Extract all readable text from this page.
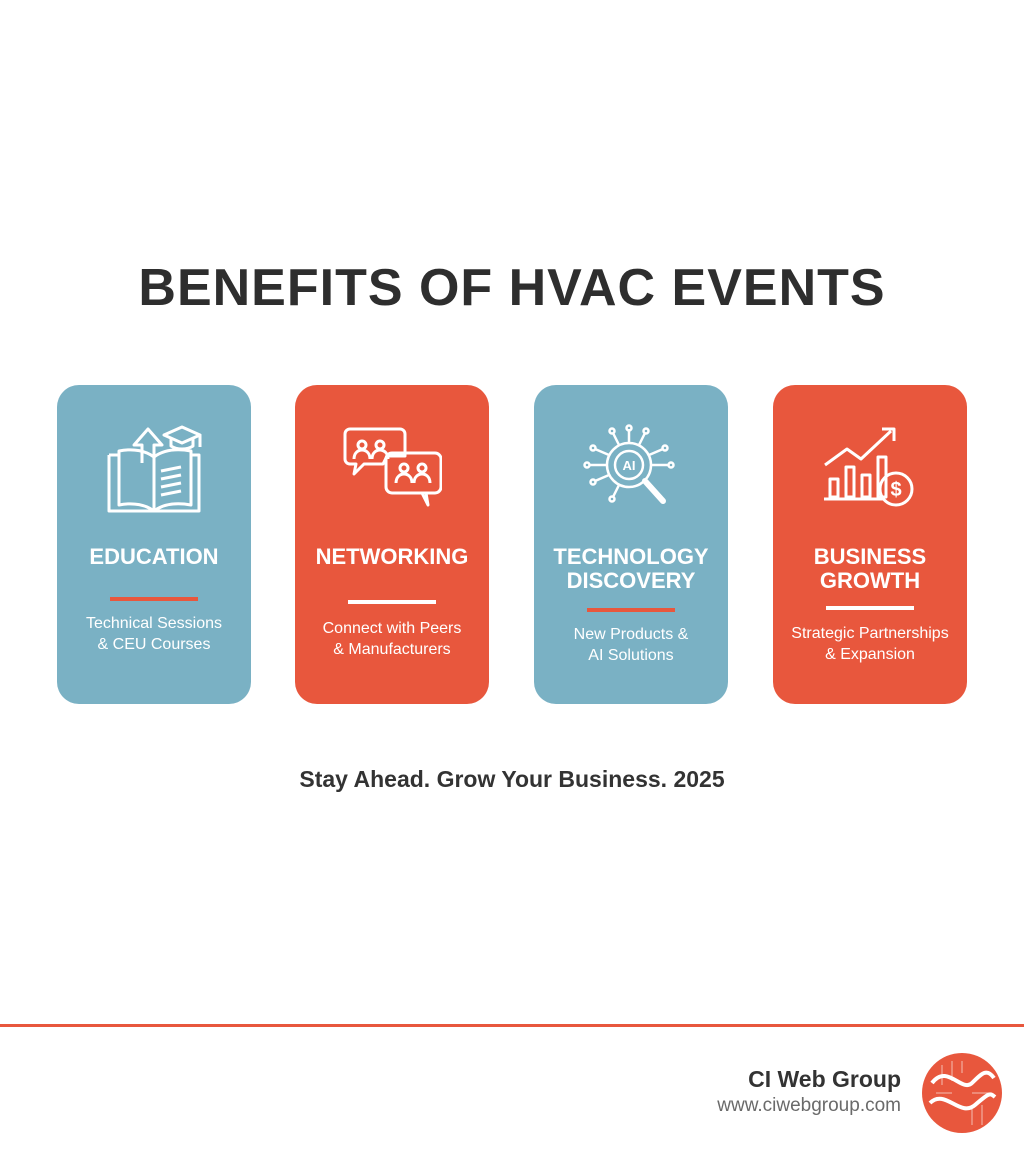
BENEFITS OF HVAC EVENTS
EDUCATION
Technical Sessions
& CEU Courses
NETWORKING
Connect with Peers
& Manufacturers
AI
TECHNOLOGY
DISCOVERY
New Products &
AI Solutions
$
BUSINESS
GROWTH
Strategic Partnerships
& Expansion
Stay Ahead. Grow Your Business. 2025
CI Web Group
www.ciwebgroup.com
